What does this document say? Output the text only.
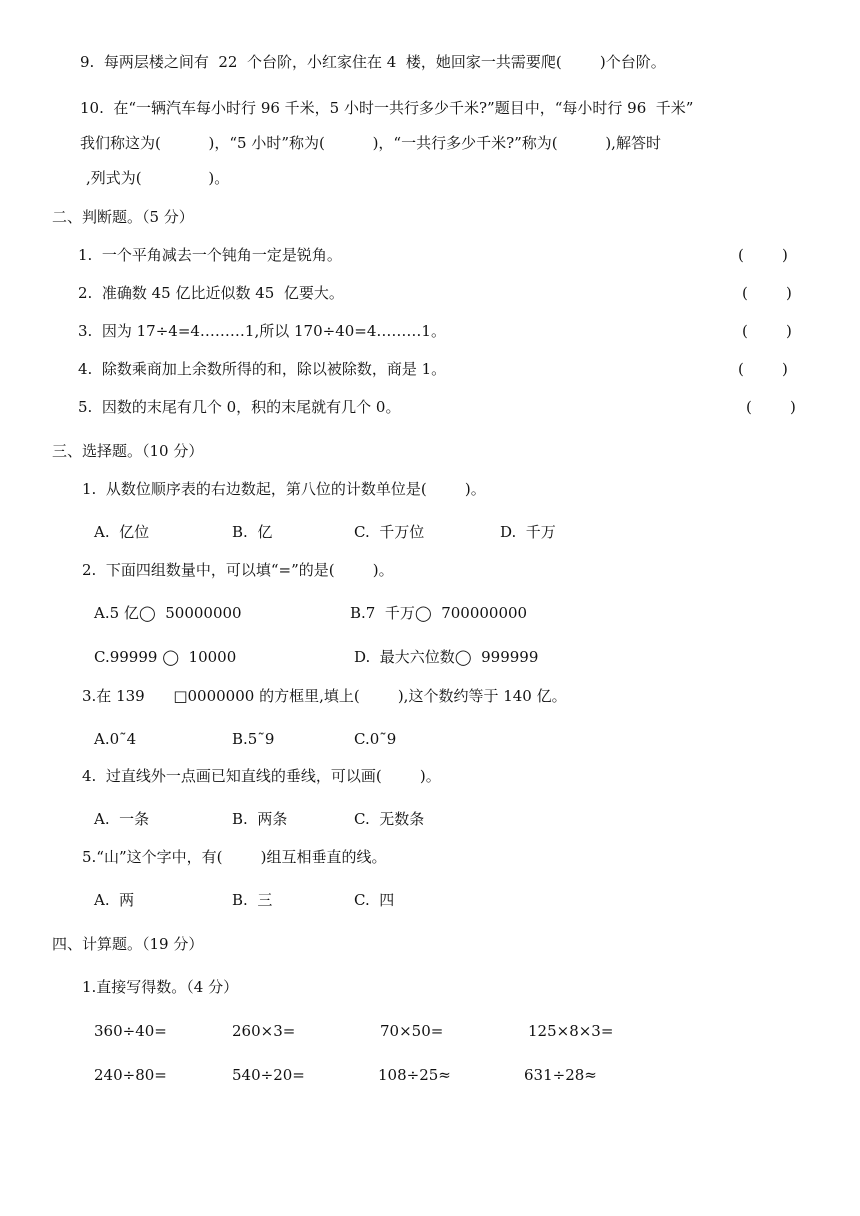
9.  每两层楼之间有  22  个台阶，小红家住在 4  楼，她回家一共需要爬(        )个台阶。
10.  在“一辆汽车每小时行 96 千米，5 小时一共行多少千米?”题目中，“每小时行 96  千米”
我们称这为(          )，“5 小时”称为(          )，“一共行多少千米?”称为(          ),解答时
,列式为(              )。
二、判断题。（5 分）
1.  一个平角减去一个钝角一定是锐角。	(        )
2.  准确数 45 亿比近似数 45  亿要大。	(        )
3.  因为 17÷4=4………1,所以 170÷40=4………1。	(        )
4.  除数乘商加上余数所得的和，除以被除数，商是 1。	(        )
5.  因数的末尾有几个 0，积的末尾就有几个 0。	(        )
三、选择题。（10 分）
1.  从数位顺序表的右边数起，第八位的计数单位是(        )。
A.  亿位	B.  亿	C.  千万位	D.  千万
2.  下面四组数量中，可以填“=”的是(        )。
A.5 亿◯  50000000	B.7  千万◯  700000000
C.99999 ◯  10000	D.  最大六位数◯  999999
3.在 139      □0000000 的方框里,填上(        ),这个数约等于 140 亿。
A.0˜4	B.5˜9	C.0˜9
4.  过直线外一点画已知直线的垂线，可以画(        )。
A.  一条	B.  两条	C.  无数条
5.“山”这个字中，有(        )组互相垂直的线。
A.  两	B.  三	C.  四
四、计算题。（19 分）
1.直接写得数。（4 分）
360÷40=	260×3=	70×50=	125×8×3=
240÷80=	540÷20=	108÷25≈	631÷28≈
